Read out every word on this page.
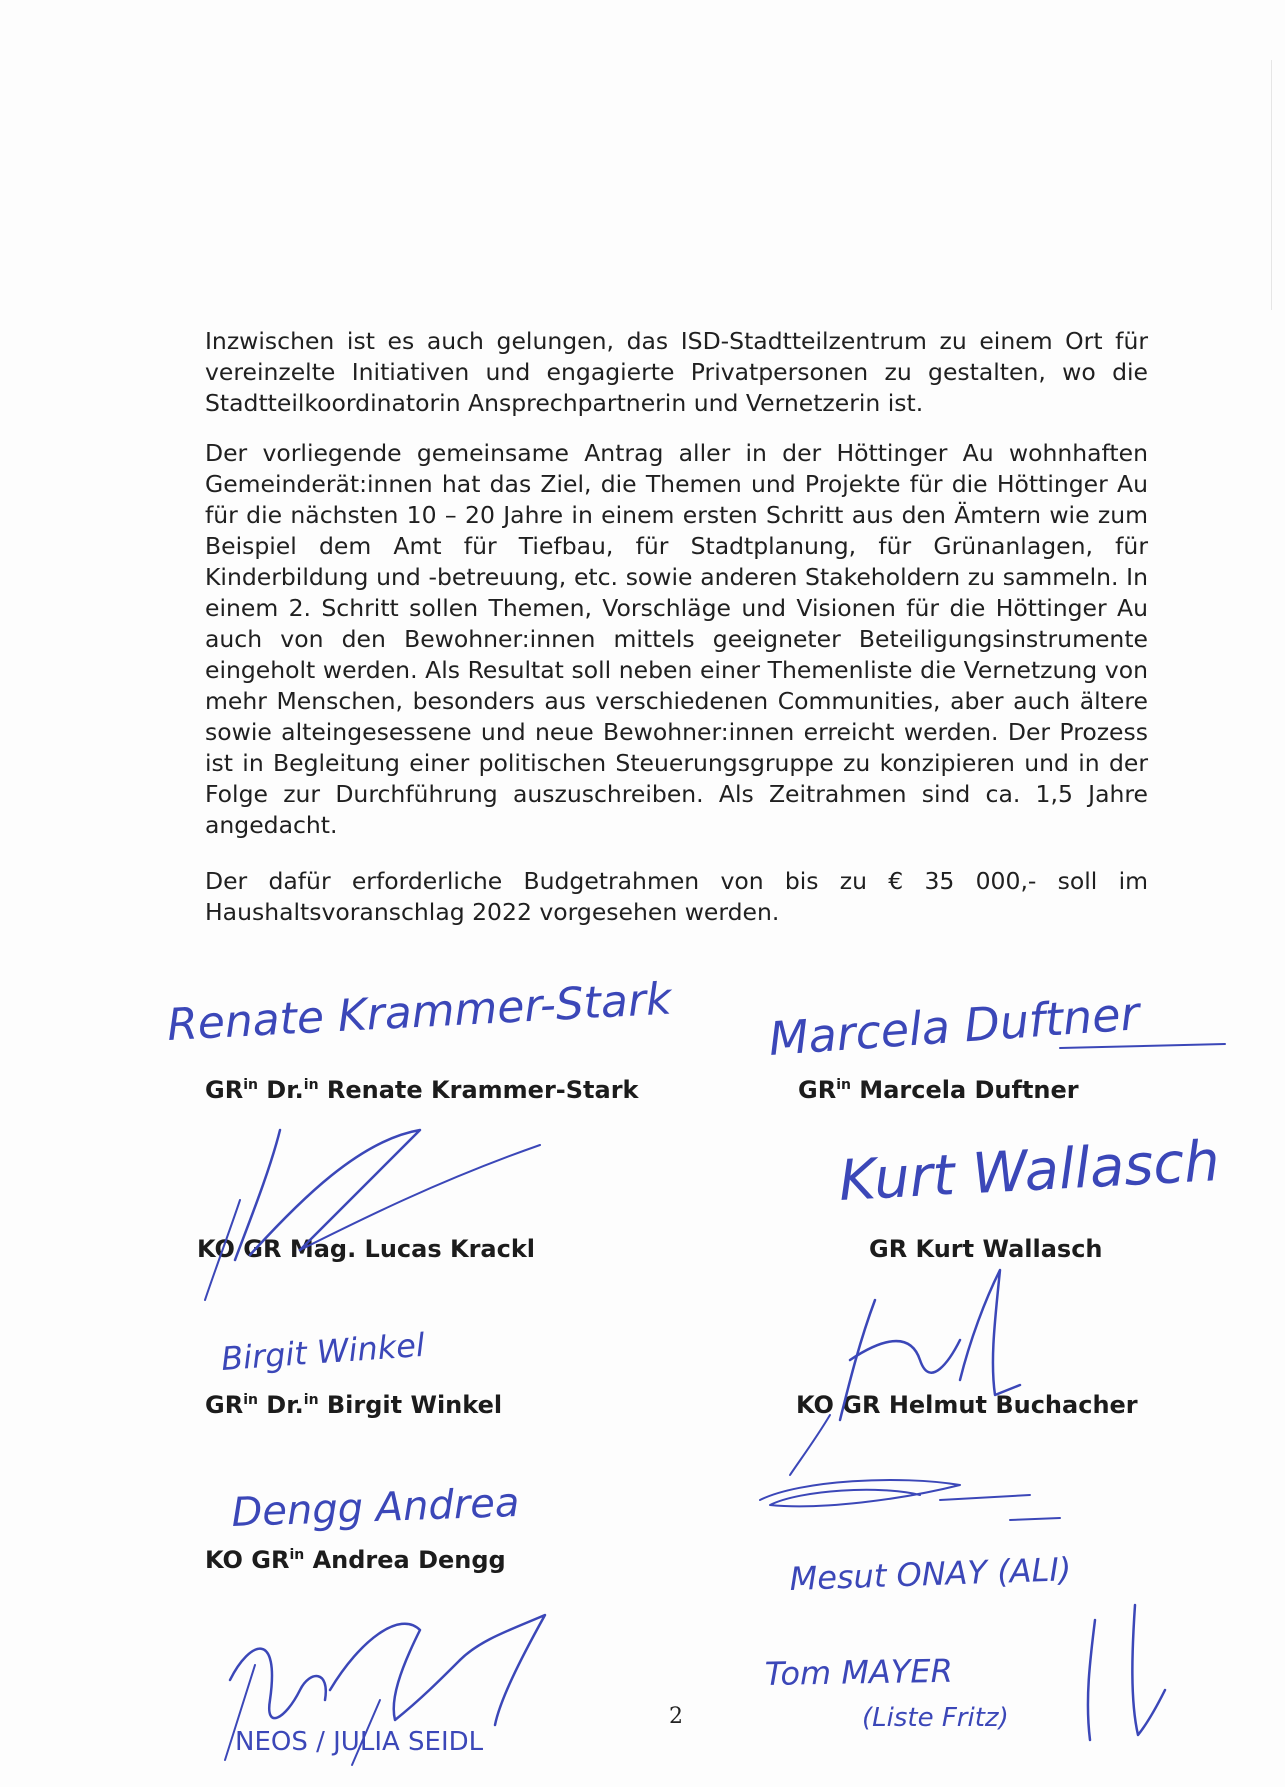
Inzwischen ist es auch gelungen, das ISD-Stadtteilzentrum zu einem Ort für vereinzelte Initiativen und engagierte Privatpersonen zu gestalten, wo die Stadtteilkoordinatorin Ansprechpartnerin und Vernetzerin ist.

Der vorliegende gemeinsame Antrag aller in der Höttinger Au wohnhaften Gemeinderät:innen hat das Ziel, die Themen und Projekte für die Höttinger Au für die nächsten 10 – 20 Jahre in einem ersten Schritt aus den Ämtern wie zum Beispiel dem Amt für Tiefbau, für Stadtplanung, für Grünanlagen, für Kinderbildung und -betreuung, etc. sowie anderen Stakeholdern zu sammeln. In einem 2. Schritt sollen Themen, Vorschläge und Visionen für die Höttinger Au auch von den Bewohner:innen mittels geeigneter Beteiligungsinstrumente eingeholt werden. Als Resultat soll neben einer Themenliste die Vernetzung von mehr Menschen, besonders aus verschiedenen Communities, aber auch ältere sowie alteingesessene und neue Bewohner:innen erreicht werden. Der Prozess ist in Begleitung einer politischen Steuerungsgruppe zu konzipieren und in der Folge zur Durchführung auszuschreiben. Als Zeitrahmen sind ca. 1,5 Jahre angedacht.

Der dafür erforderliche Budgetrahmen von bis zu € 35 000,- soll im Haushaltsvoranschlag 2022 vorgesehen werden.

$GR^{in}$ Dr.$^{in}$ Renate Krammer-Stark	$GR^{in}$ Marcela Duftner
KO GR Mag. Lucas Krackl	GR Kurt Wallasch
$GR^{in}$ Dr.$^{in}$ Birgit Winkel	KO GR Helmut Buchacher
KO $GR^{in}$ Andrea Dengg
Renate Krammer-Stark Marcela Duftner
Kurt Wallasch
Birgit Winkel
Dengg Andrea
Mesut ONAY (ALI)
NEOS / JULIA SEIDL
Tom MAYER
(Liste Fritz)
2
